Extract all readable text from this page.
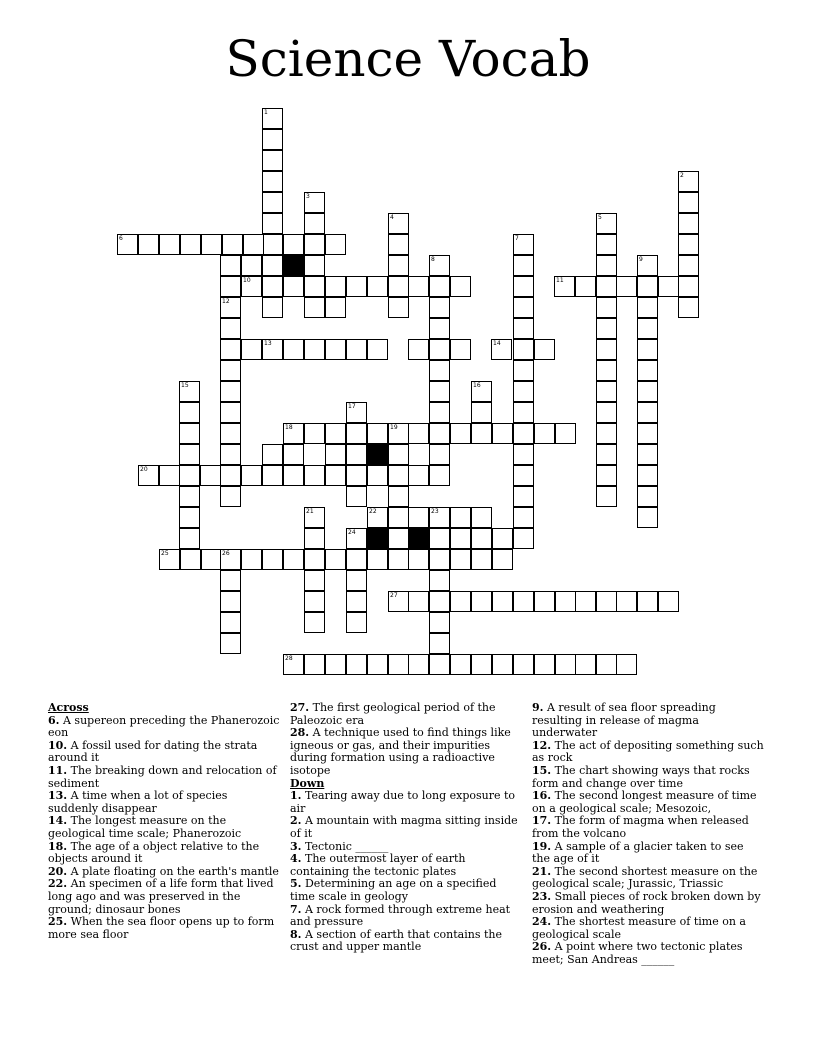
Science Vocab
1
2
3
4	5
6	7
8	9
10	11
12
13	14
15	16
17
18	19
20
21	22	23
24
25	26
27
28
Across
6. A supereon preceding the Phanerozoic eon
10. A fossil used for dating the strata around it
11. The breaking down and relocation of sediment
13. A time when a lot of species suddenly disappear
14. The longest measure on the geological time scale; Phanerozoic
18. The age of a object relative to the objects around it
20. A plate floating on the earth's mantle
22. An specimen of a life form that lived long ago and was preserved in the ground; dinosaur bones
25. When the sea floor opens up to form more sea floor
27. The first geological period of the Paleozoic era
28. A technique used to find things like igneous or gas, and their impurities during formation using a radioactive isotope
Down
1. Tearing away due to long exposure to air
2. A mountain with magma sitting inside of it
3. Tectonic ______
4. The outermost layer of earth containing the tectonic plates
5. Determining an age on a specified time scale in geology
7. A rock formed through extreme heat and pressure
8. A section of earth that contains the crust and upper mantle
9. A result of sea floor spreading resulting in release of magma underwater
12. The act of depositing something such as rock
15. The chart showing ways that rocks form and change over time
16. The second longest measure of time on a geological scale; Mesozoic,
17. The form of magma when released from the volcano
19. A sample of a glacier taken to see the age of it
21. The second shortest measure on the geological scale; Jurassic, Triassic
23. Small pieces of rock broken down by erosion and weathering
24. The shortest measure of time on a geological scale
26. A point where two tectonic plates meet; San Andreas ______
